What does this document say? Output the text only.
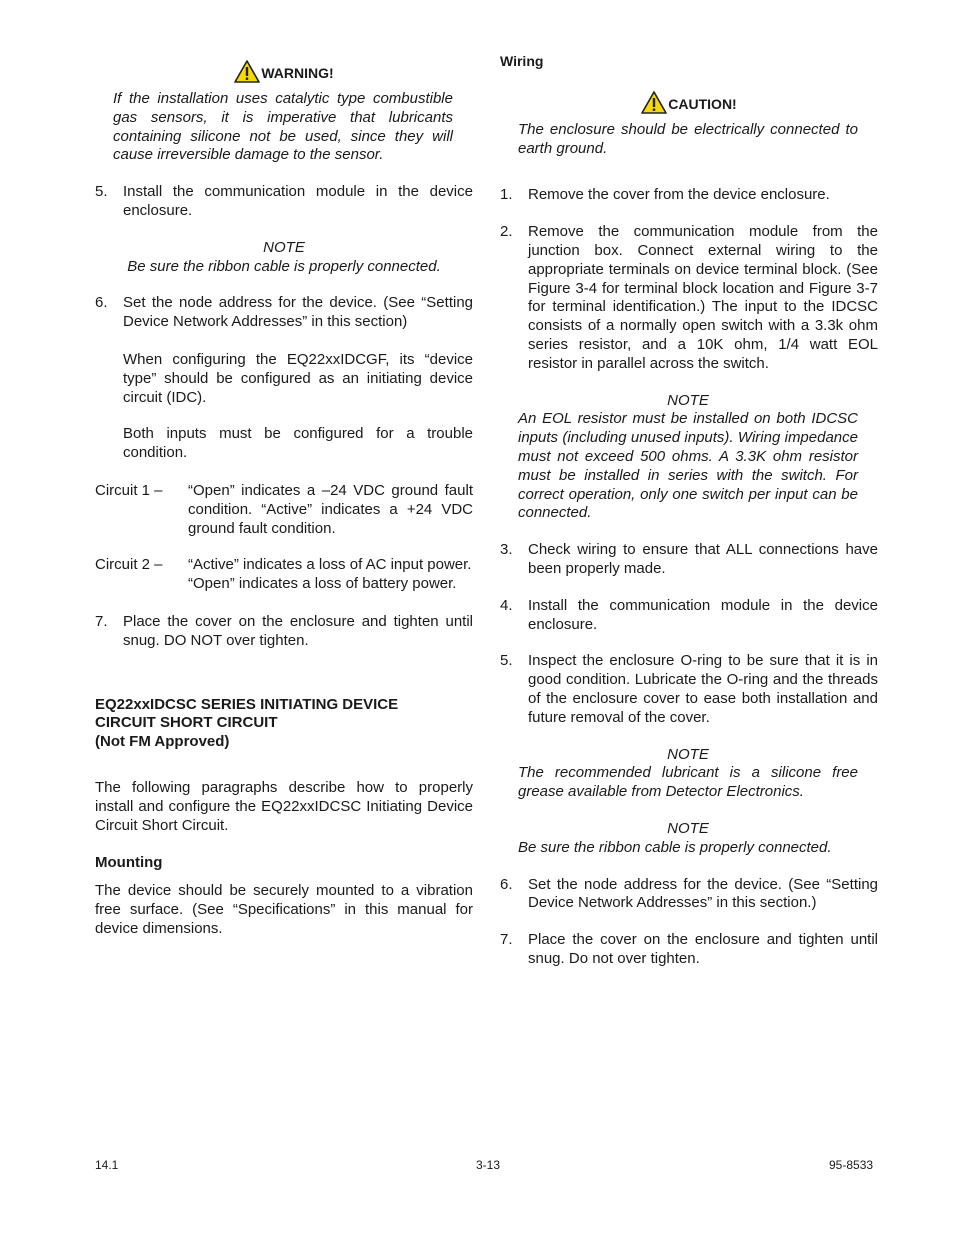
WARNING!

If the installation uses catalytic type combustible gas sensors, it is imperative that lubricants containing silicone not be used, since they will cause irreversible damage to the sensor.

5.	Install the communication module in the device enclosure.

NOTE

Be sure the ribbon cable is properly connected.

6.	Set the node address for the device. (See “Setting Device Network Addresses” in this section)

When configuring the EQ22xxIDCGF, its “device type” should be configured as an initiating device circuit (IDC).

Both inputs must be configured for a trouble condition.

Circuit 1 –	“Open” indicates a –24 VDC ground fault condition. “Active” indicates a +24 VDC ground fault condition.
Circuit 2 –	“Active” indicates a loss of AC input power.
“Open” indicates a loss of battery power.
7.	Place the cover on the enclosure and tighten until snug. DO NOT over tighten.

EQ22xxIDCSC SERIES INITIATING DEVICE

CIRCUIT SHORT CIRCUIT

(Not FM Approved)

The following paragraphs describe how to properly install and configure the EQ22xxIDCSC Initiating Device Circuit Short Circuit.

Mounting

The device should be securely mounted to a vibration free surface. (See “Specifications” in this manual for device dimensions.

Wiring

CAUTION!

The enclosure should be electrically connected to earth ground.

1.	Remove the cover from the device enclosure.
2.	Remove the communication module from the junction box. Connect external wiring to the appropriate terminals on device terminal block. (See Figure 3-4 for terminal block location and Figure 3-7 for terminal identification.) The input to the IDCSC consists of a normally open switch with a 3.3k ohm series resistor, and a 10K ohm, 1/4 watt EOL resistor in parallel across the switch.

NOTE

An EOL resistor must be installed on both IDCSC inputs (including unused inputs). Wiring impedance must not exceed 500 ohms. A 3.3K ohm resistor must be installed in series with the switch. For correct operation, only one switch per input can be connected.

3.	Check wiring to ensure that ALL connections have been properly made.
4.	Install the communication module in the device enclosure.
5.	Inspect the enclosure O-ring to be sure that it is in good condition. Lubricate the O-ring and the threads of the enclosure cover to ease both installation and future removal of the cover.

NOTE

The recommended lubricant is a silicone free grease available from Detector Electronics.

NOTE

Be sure the ribbon cable is properly connected.

6.	Set the node address for the device. (See “Setting Device Network Addresses” in this section.)
7.	Place the cover on the enclosure and tighten until snug. Do not over tighten.
14.1	3-13	95-8533
